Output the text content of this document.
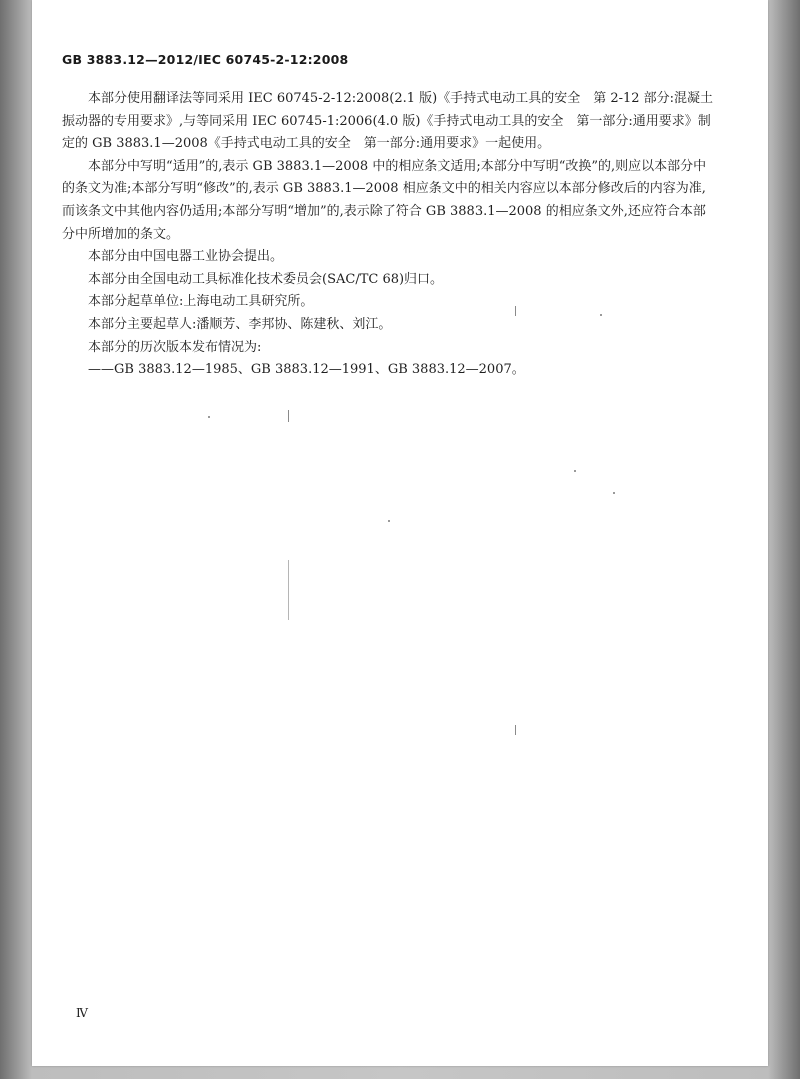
GB 3883.12—2012/IEC 60745-2-12:2008

本部分使用翻译法等同采用 IEC 60745-2-12:2008(2.1 版)《手持式电动工具的安全　第 2-12 部分:混凝土振动器的专用要求》,与等同采用 IEC 60745-1:2006(4.0 版)《手持式电动工具的安全　第一部分:通用要求》制定的 GB 3883.1—2008《手持式电动工具的安全　第一部分:通用要求》一起使用。

本部分中写明“适用”的,表示 GB 3883.1—2008 中的相应条文适用;本部分中写明“改换”的,则应以本部分中的条文为准;本部分写明“修改”的,表示 GB 3883.1—2008 相应条文中的相关内容应以本部分修改后的内容为准,而该条文中其他内容仍适用;本部分写明“增加”的,表示除了符合 GB 3883.1—2008 的相应条文外,还应符合本部分中所增加的条文。

本部分由中国电器工业协会提出。

本部分由全国电动工具标准化技术委员会(SAC/TC 68)归口。

本部分起草单位:上海电动工具研究所。

本部分主要起草人:潘顺芳、李邦协、陈建秋、刘江。

本部分的历次版本发布情况为:

——GB 3883.12—1985、GB 3883.12—1991、GB 3883.12—2007。

Ⅳ
